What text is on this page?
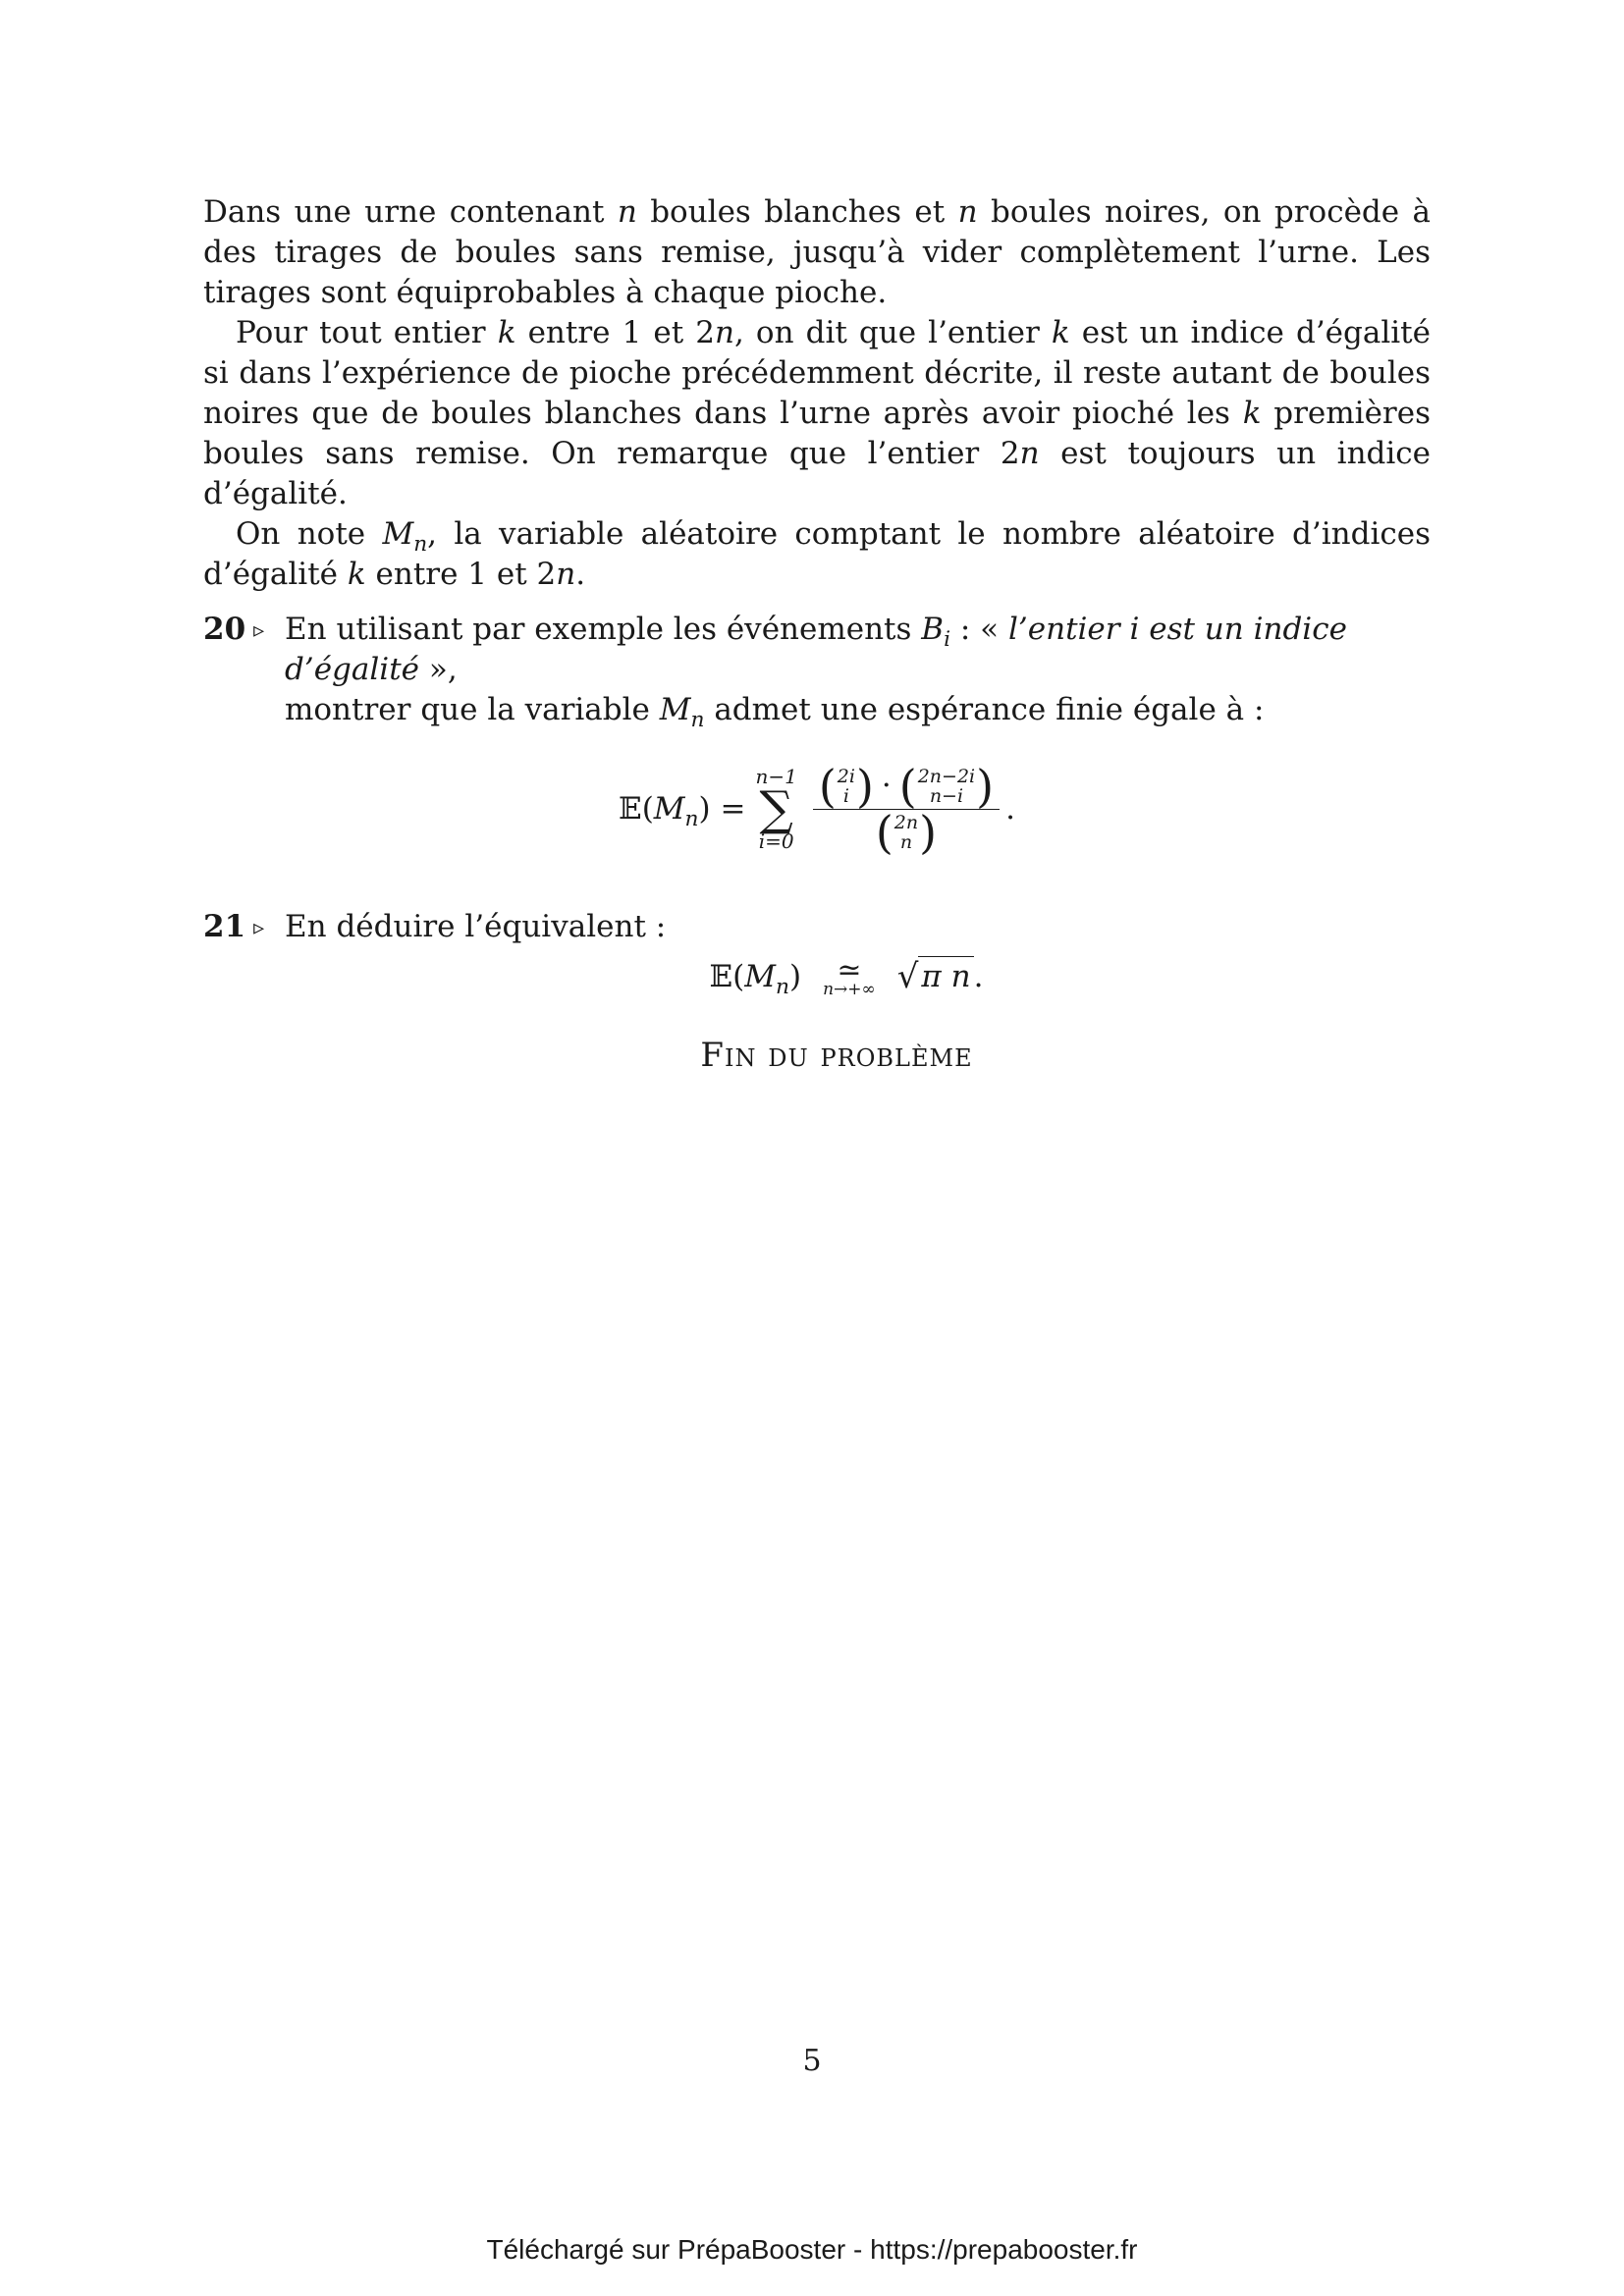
Dans une urne contenant n boules blanches et n boules noires, on procède à des tirages de boules sans remise, jusqu’à vider complètement l’urne. Les tirages sont équiprobables à chaque pioche.

Pour tout entier k entre 1 et 2n, on dit que l’entier k est un indice d’égalité si dans l’expérience de pioche précédemment décrite, il reste autant de boules noires que de boules blanches dans l’urne après avoir pioché les k premières boules sans remise. On remarque que l’entier 2n est toujours un indice d’égalité.

On note $M_n$, la variable aléatoire comptant le nombre aléatoire d’indices d’égalité k entre 1 et 2n.

20 ▹ En utilisant par exemple les événements $B_i$ : « l’entier i est un indice d’égalité »,
montrer que la variable $M_n$ admet une espérance finie égale à :
$𝔼(M_n)$ =
n−1
∑
i=0
( 2i
i ) · ( 2n−2i
n−i )
( 2n
n ) .
21 ▹ En déduire l’équivalent :
$𝔼(M_n)$ ≃
n→+∞ √ π n .
Fin du problème
5
Téléchargé sur PrépaBooster - https://prepabooster.fr
